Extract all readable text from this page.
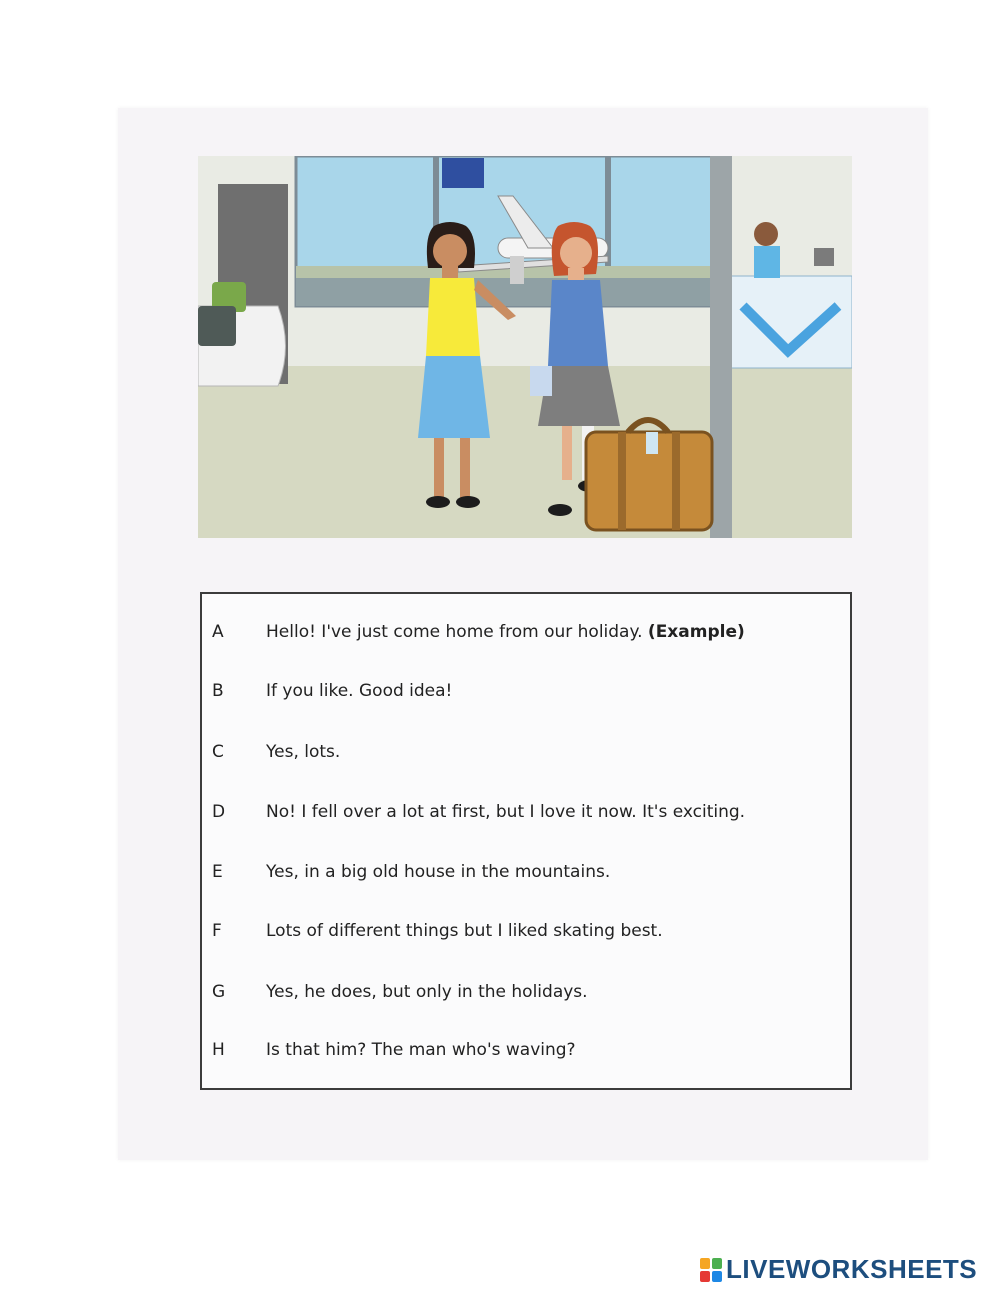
A	Hello! I've just come home from our holiday. (Example)
B	If you like. Good idea!
C	Yes, lots.
D	No! I fell over a lot at first, but I love it now. It's exciting.
E	Yes, in a big old house in the mountains.
F	Lots of different things but I liked skating best.
G	Yes, he does, but only in the holidays.
H	Is that him? The man who's waving?
LIVEWORKSHEETS
